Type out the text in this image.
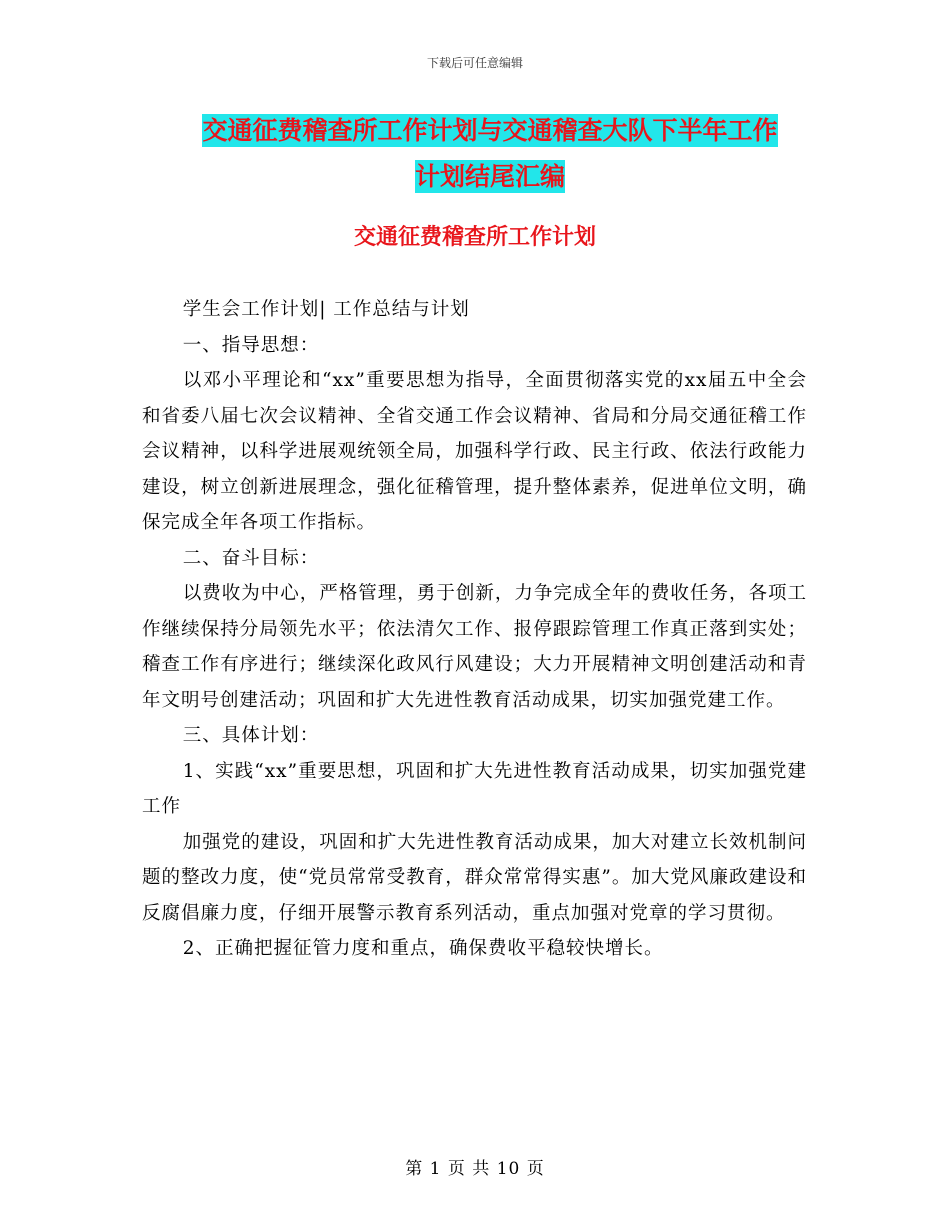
下载后可任意编辑
交通征费稽查所工作计划与交通稽查大队下半年工作
计划结尾汇编
交通征费稽查所工作计划

学生会工作计划| 工作总结与计划

一、指导思想：

以邓小平理论和“xx”重要思想为指导，全面贯彻落实党的xx届五中全会和省委八届七次会议精神、全省交通工作会议精神、省局和分局交通征稽工作会议精神，以科学进展观统领全局，加强科学行政、民主行政、依法行政能力建设，树立创新进展理念，强化征稽管理，提升整体素养，促进单位文明，确保完成全年各项工作指标。

二、奋斗目标：

以费收为中心，严格管理，勇于创新，力争完成全年的费收任务，各项工作继续保持分局领先水平；依法清欠工作、报停跟踪管理工作真正落到实处；稽查工作有序进行；继续深化政风行风建设；大力开展精神文明创建活动和青年文明号创建活动；巩固和扩大先进性教育活动成果，切实加强党建工作。

三、具体计划：

1、实践“xx”重要思想，巩固和扩大先进性教育活动成果，切实加强党建工作

加强党的建设，巩固和扩大先进性教育活动成果，加大对建立长效机制问题的整改力度，使“党员常常受教育，群众常常得实惠”。加大党风廉政建设和反腐倡廉力度，仔细开展警示教育系列活动，重点加强对党章的学习贯彻。

2、正确把握征管力度和重点，确保费收平稳较快增长。

第 1 页 共 10 页
